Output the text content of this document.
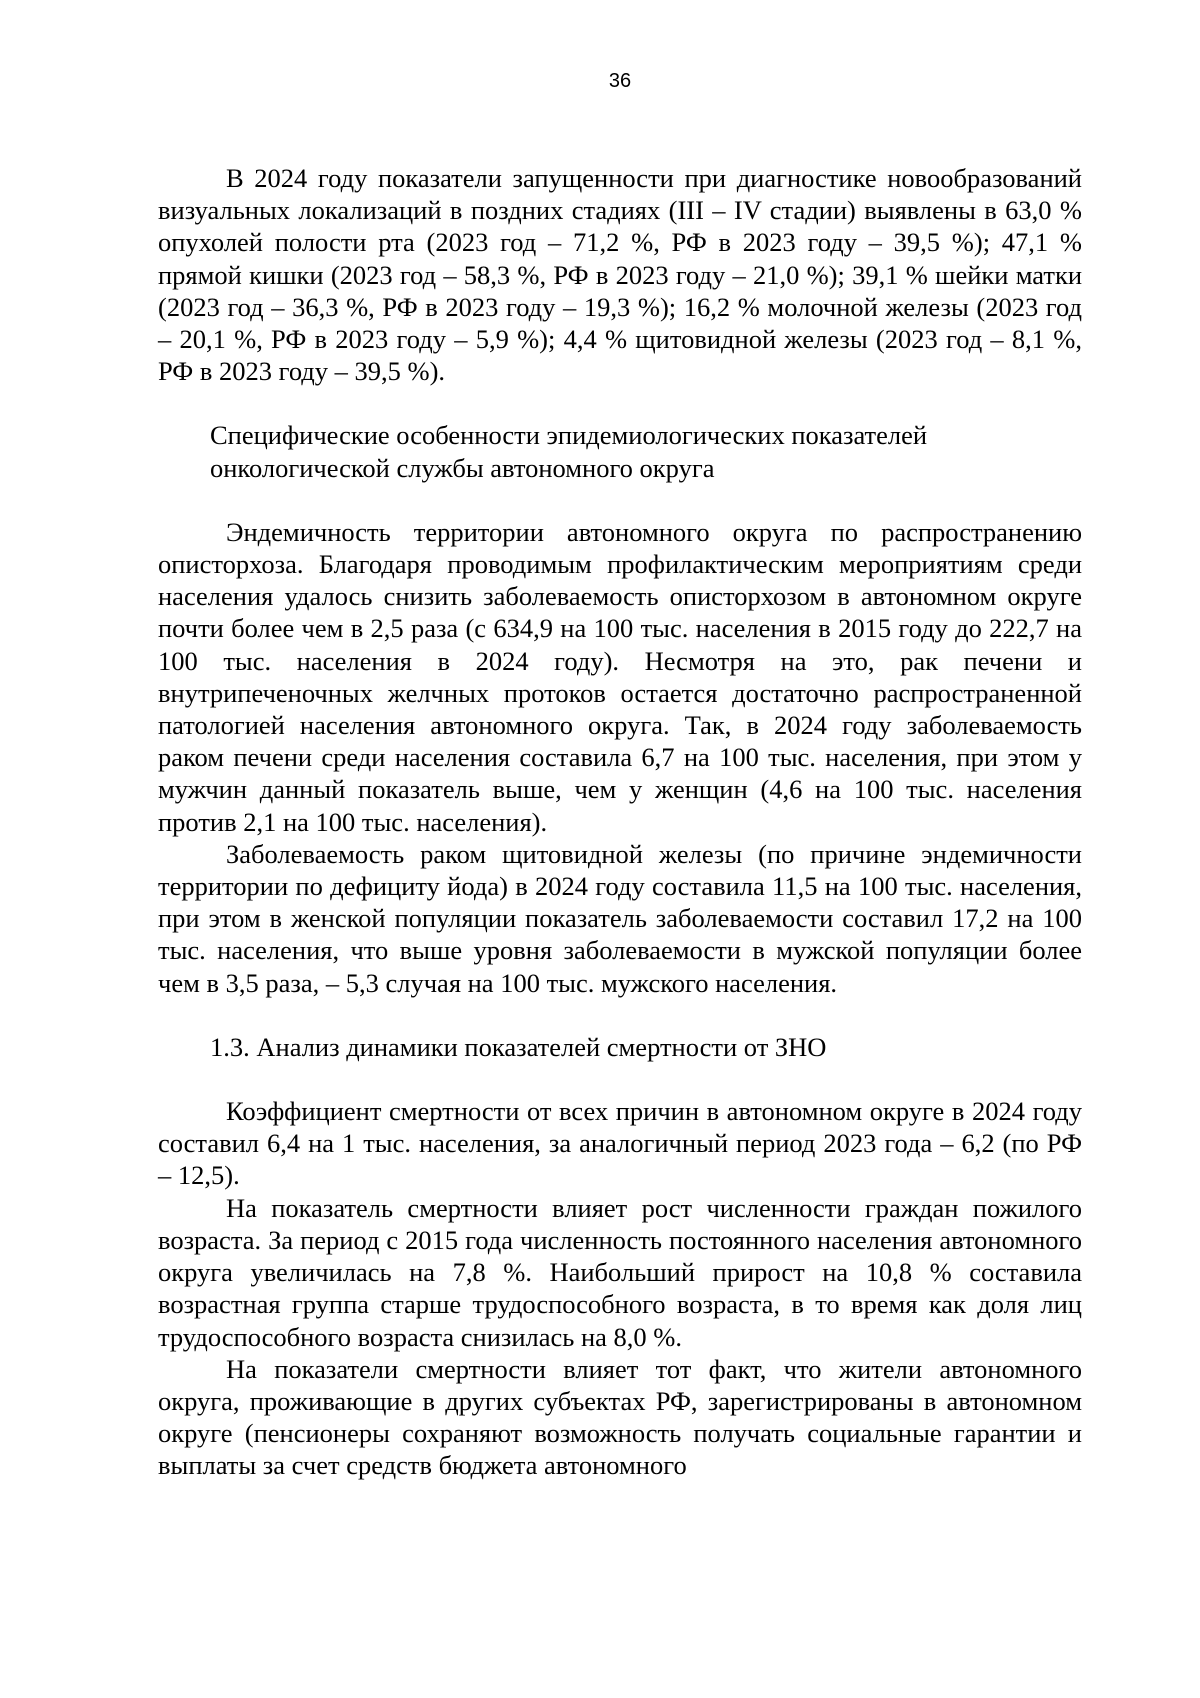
36

В 2024 году показатели запущенности при диагностике новообразований визуальных локализаций в поздних стадиях (III – IV стадии) выявлены в 63,0 % опухолей полости рта (2023 год – 71,2 %, РФ в 2023 году – 39,5 %); 47,1 % прямой кишки (2023 год – 58,3 %, РФ в 2023 году – 21,0 %); 39,1 % шейки матки (2023 год – 36,3 %, РФ в 2023 году – 19,3 %); 16,2 % молочной железы (2023 год – 20,1 %, РФ в 2023 году – 5,9 %); 4,4 % щитовидной железы (2023 год – 8,1 %, РФ в 2023 году – 39,5 %).

Специфические особенности эпидемиологических показателей
онкологической службы автономного округа

Эндемичность территории автономного округа по распространению описторхоза. Благодаря проводимым профилактическим мероприятиям среди населения удалось снизить заболеваемость описторхозом в автономном округе почти более чем в 2,5 раза (с 634,9 на 100 тыс. населения в 2015 году до 222,7 на 100 тыс. населения в 2024 году). Несмотря на это, рак печени и внутрипеченочных желчных протоков остается достаточно распространенной патологией населения автономного округа. Так, в 2024 году заболеваемость раком печени среди населения составила 6,7 на 100 тыс. населения, при этом у мужчин данный показатель выше, чем у женщин (4,6 на 100 тыс. населения против 2,1 на 100 тыс. населения).

Заболеваемость раком щитовидной железы (по причине эндемичности территории по дефициту йода) в 2024 году составила 11,5 на 100 тыс. населения, при этом в женской популяции показатель заболеваемости составил 17,2 на 100 тыс. населения, что выше уровня заболеваемости в мужской популяции более чем в 3,5 раза, – 5,3 случая на 100 тыс. мужского населения.

1.3. Анализ динамики показателей смертности от ЗНО

Коэффициент смертности от всех причин в автономном округе в 2024 году составил 6,4 на 1 тыс. населения, за аналогичный период 2023 года – 6,2 (по РФ – 12,5).

На показатель смертности влияет рост численности граждан пожилого возраста. За период с 2015 года численность постоянного населения автономного округа увеличилась на 7,8 %. Наибольший прирост на 10,8 % составила возрастная группа старше трудоспособного возраста, в то время как доля лиц трудоспособного возраста снизилась на 8,0 %.

На показатели смертности влияет тот факт, что жители автономного округа, проживающие в других субъектах РФ, зарегистрированы в автономном округе (пенсионеры сохраняют возможность получать социальные гарантии и выплаты за счет средств бюджета автономного
